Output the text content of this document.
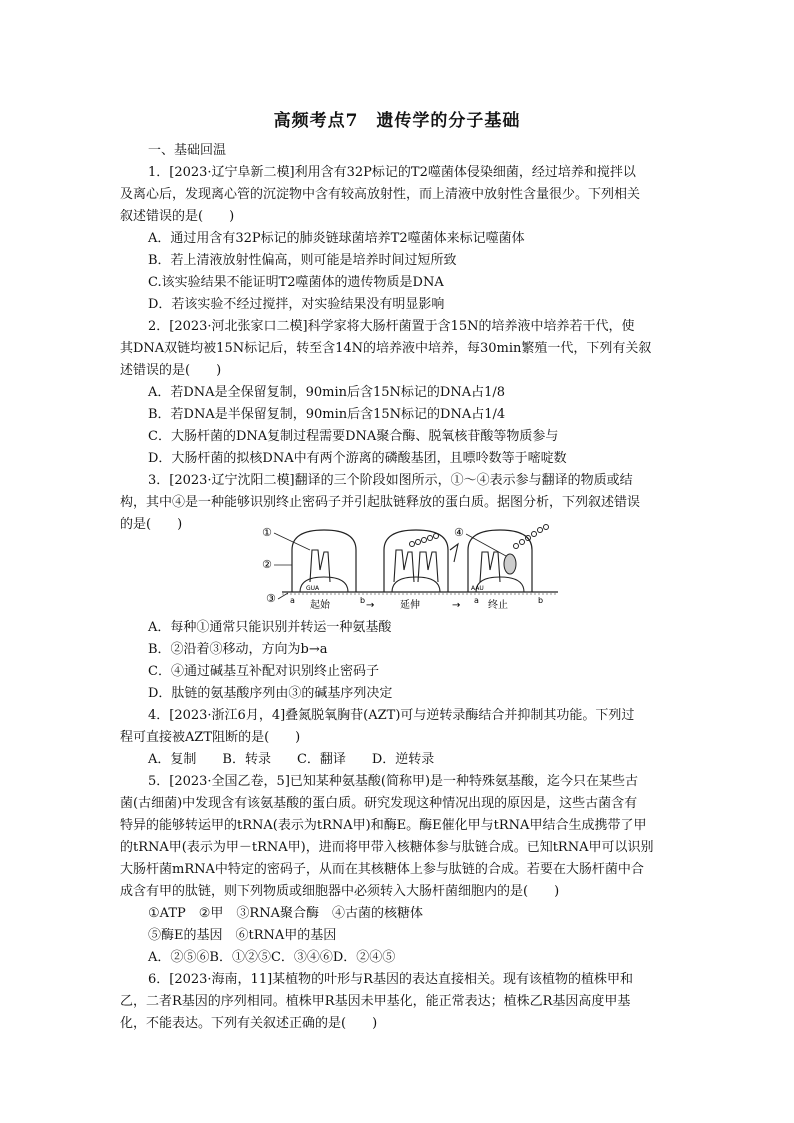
高频考点7　遗传学的分子基础
一、基础回温
1．[2023·辽宁阜新二模]利用含有32P标记的T2噬菌体侵染细菌，经过培养和搅拌以
及离心后，发现离心管的沉淀物中含有较高放射性，而上清液中放射性含量很少。下列相关
叙述错误的是(　　)
A．通过用含有32P标记的肺炎链球菌培养T2噬菌体来标记噬菌体
B．若上清液放射性偏高，则可能是培养时间过短所致
C.该实验结果不能证明T2噬菌体的遗传物质是DNA
D．若该实验不经过搅拌，对实验结果没有明显影响
2．[2023·河北张家口二模]科学家将大肠杆菌置于含15N的培养液中培养若干代，使
其DNA双链均被15N标记后，转至含14N的培养液中培养，每30min繁殖一代，下列有关叙
述错误的是(　　)
A．若DNA是全保留复制，90min后含15N标记的DNA占1/8
B．若DNA是半保留复制，90min后含15N标记的DNA占1/4
C．大肠杆菌的DNA复制过程需要DNA聚合酶、脱氧核苷酸等物质参与
D．大肠杆菌的拟核DNA中有两个游离的磷酸基团，且嘌呤数等于嘧啶数
3．[2023·辽宁沈阳二模]翻译的三个阶段如图所示，①～④表示参与翻译的物质或结
构，其中④是一种能够识别终止密码子并引起肽链释放的蛋白质。据图分析，下列叙述错误
的是(　　)
A．每种①通常只能识别并转运一种氨基酸
B．②沿着③移动，方向为b→a
C．④通过碱基互补配对识别终止密码子
D．肽链的氨基酸序列由③的碱基序列决定
4．[2023·浙江6月，4]叠氮脱氧胸苷(AZT)可与逆转录酶结合并抑制其功能。下列过
程可直接被AZT阻断的是(　　)
A．复制　　B．转录　　C．翻译　　D．逆转录
5．[2023·全国乙卷，5]已知某种氨基酸(简称甲)是一种特殊氨基酸，迄今只在某些古
菌(古细菌)中发现含有该氨基酸的蛋白质。研究发现这种情况出现的原因是，这些古菌含有
特异的能够转运甲的tRNA(表示为tRNA甲)和酶E。酶E催化甲与tRNA甲结合生成携带了甲
的tRNA甲(表示为甲－tRNA甲)，进而将甲带入核糖体参与肽链合成。已知tRNA甲可以识别
大肠杆菌mRNA中特定的密码子，从而在其核糖体上参与肽链的合成。若要在大肠杆菌中合
成含有甲的肽链，则下列物质或细胞器中必须转入大肠杆菌细胞内的是(　　)
①ATP　②甲　③RNA聚合酶　④古菌的核糖体
⑤酶E的基因　⑥tRNA甲的基因
A．②⑤⑥B．①②⑤C．③④⑥D．②④⑤
6．[2023·海南，11]某植物的叶形与R基因的表达直接相关。现有该植物的植株甲和
乙，二者R基因的序列相同。植株甲R基因未甲基化，能正常表达；植株乙R基因高度甲基
化，不能表达。下列有关叙述正确的是(　　)
GUA	AAU
①
②
③
④
a	b	a	b
起始	→	延伸	→	终止
